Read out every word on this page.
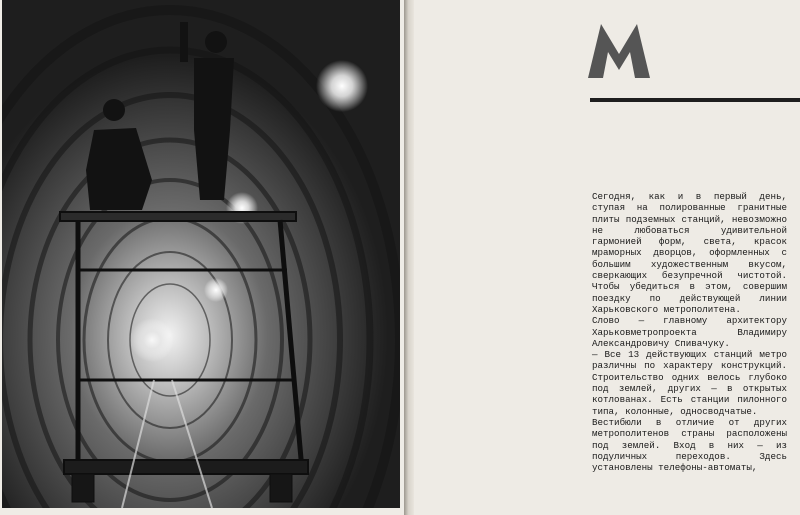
Сегодня, как и в первый день, ступая на полированные гранитные плиты подземных станций, невозможно не любоваться удивительной гармонией форм, света, красок мраморных дворцов, оформленных с большим художественным вкусом, сверкающих безупречной чистотой. Чтобы убедиться в этом, совершим поездку по действующей линии Харьковского метрополитена.

Слово — главному архитектору Харьковметропроекта Владимиру Александровичу Спивачуку.

— Все 13 действующих станций метро различны по характеру конструкций. Строительство одних велось глубоко под землей, других — в открытых котлованах. Есть станции пилонного типа, колонные, односводчатые.

Вестибюли в отличие от других метрополитенов страны расположены под землей. Вход в них — из подуличных переходов. Здесь установлены телефоны-автоматы,
